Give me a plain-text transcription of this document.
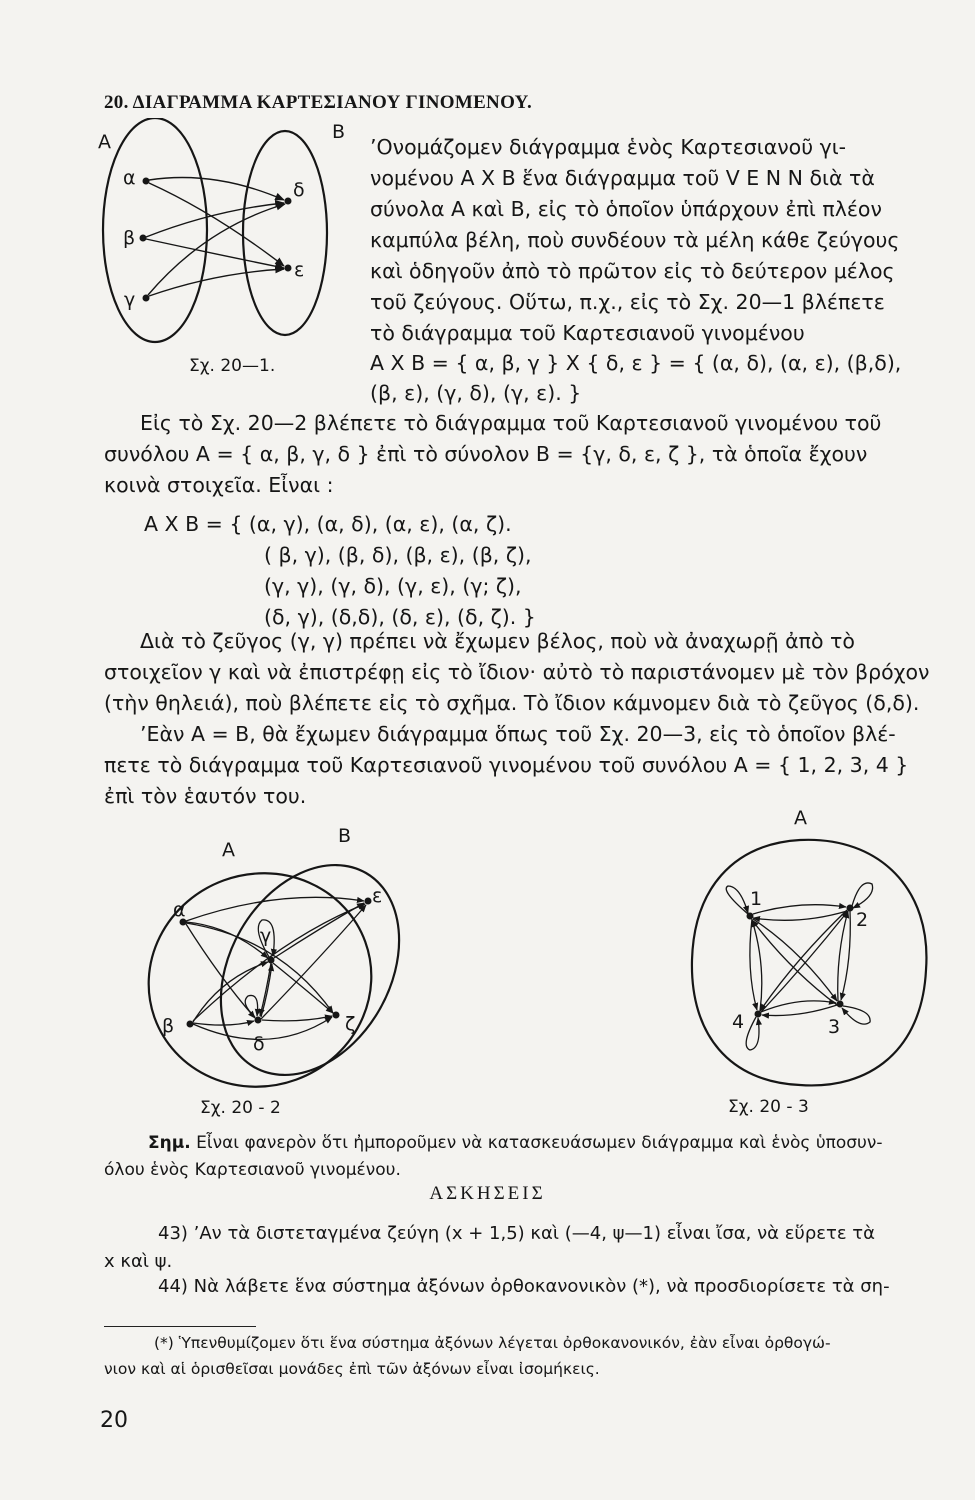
20. ΔΙΑΓΡΑΜΜΑ ΚΑΡΤΕΣΙΑΝΟΥ ΓΙΝΟΜΕΝΟΥ.
Α	Β
α
β
γ
δ
ε
Σχ. 20—1.
’Ονομάζομεν διάγραμμα ἑνὸς Καρτεσιανοῦ γι-
νομένου Α Χ Β ἕνα διάγραμμα τοῦ V E N N διὰ τὰ
σύνολα Α καὶ Β, εἰς τὸ ὁποῖον ὑπάρχουν ἐπὶ πλέον
καμπύλα βέλη, ποὺ συνδέουν τὰ μέλη κάθε ζεύγους
καὶ ὁδηγοῦν ἀπὸ τὸ πρῶτον εἰς τὸ δεύτερον μέλος
τοῦ ζεύγους. Οὕτω, π.χ., εἰς τὸ Σχ. 20—1 βλέπετε
τὸ διάγραμμα τοῦ Καρτεσιανοῦ γινομένου
Α Χ Β = { α, β, γ } Χ { δ, ε } = { (α, δ), (α, ε), (β,δ),
(β, ε), (γ, δ), (γ, ε). }
Εἰς τὸ Σχ. 20—2 βλέπετε τὸ διάγραμμα τοῦ Καρτεσιανοῦ γινομένου τοῦ
συνόλου Α = { α, β, γ, δ } ἐπὶ τὸ σύνολον Β = {γ, δ, ε, ζ }, τὰ ὁποῖα ἔχουν
κοινὰ στοιχεῖα. Εἶναι :
Α Χ Β = { (α, γ), (α, δ), (α, ε), (α, ζ).
( β, γ), (β, δ), (β, ε), (β, ζ),
(γ, γ), (γ, δ), (γ, ε), (γ; ζ),
(δ, γ), (δ,δ), (δ, ε), (δ, ζ). }
Διὰ τὸ ζεῦγος (γ, γ) πρέπει νὰ ἔχωμεν βέλος, ποὺ νὰ ἀναχωρῇ ἀπὸ τὸ
στοιχεῖον γ καὶ νὰ ἐπιστρέφῃ εἰς τὸ ἴδιον· αὐτὸ τὸ παριστάνομεν μὲ τὸν βρόχον
(τὴν θηλειά), ποὺ βλέπετε εἰς τὸ σχῆμα. Τὸ ἴδιον κάμνομεν διὰ τὸ ζεῦγος (δ,δ).
’Εὰν Α = Β, θὰ ἔχωμεν διάγραμμα ὅπως τοῦ Σχ. 20—3, εἰς τὸ ὁποῖον βλέ-
πετε τὸ διάγραμμα τοῦ Καρτεσιανοῦ γινομένου τοῦ συνόλου Α = { 1, 2, 3, 4 }
ἐπὶ τὸν ἑαυτόν του.
Α
Β
α
β
γ
δ
ε
ζ
Σχ. 20 - 2
Α
1
2
3
4
Σχ. 20 - 3
Σημ. Εἶναι φανερὸν ὅτι ἠμποροῦμεν νὰ κατασκευάσωμεν διάγραμμα καὶ ἑνὸς ὑποσυν-
όλου ἑνὸς Καρτεσιανοῦ γινομένου.
ΑΣΚΗΣΕΙΣ
43) ’Αν τὰ διστεταγμένα ζεύγη (x + 1,5) καὶ (—4, ψ—1) εἶναι ἴσα, νὰ εὕρετε τὰ
x καὶ ψ.
44) Νὰ λάβετε ἕνα σύστημα ἀξόνων ὀρθοκανονικὸν (*), νὰ προσδιορίσετε τὰ ση-
(*) Ὑπενθυμίζομεν ὅτι ἕνα σύστημα ἀξόνων λέγεται ὀρθοκανονικόν, ἐὰν εἶναι ὀρθογώ-
νιον καὶ αἱ ὁρισθεῖσαι μονάδες ἐπὶ τῶν ἀξόνων εἶναι ἰσομήκεις.
20
